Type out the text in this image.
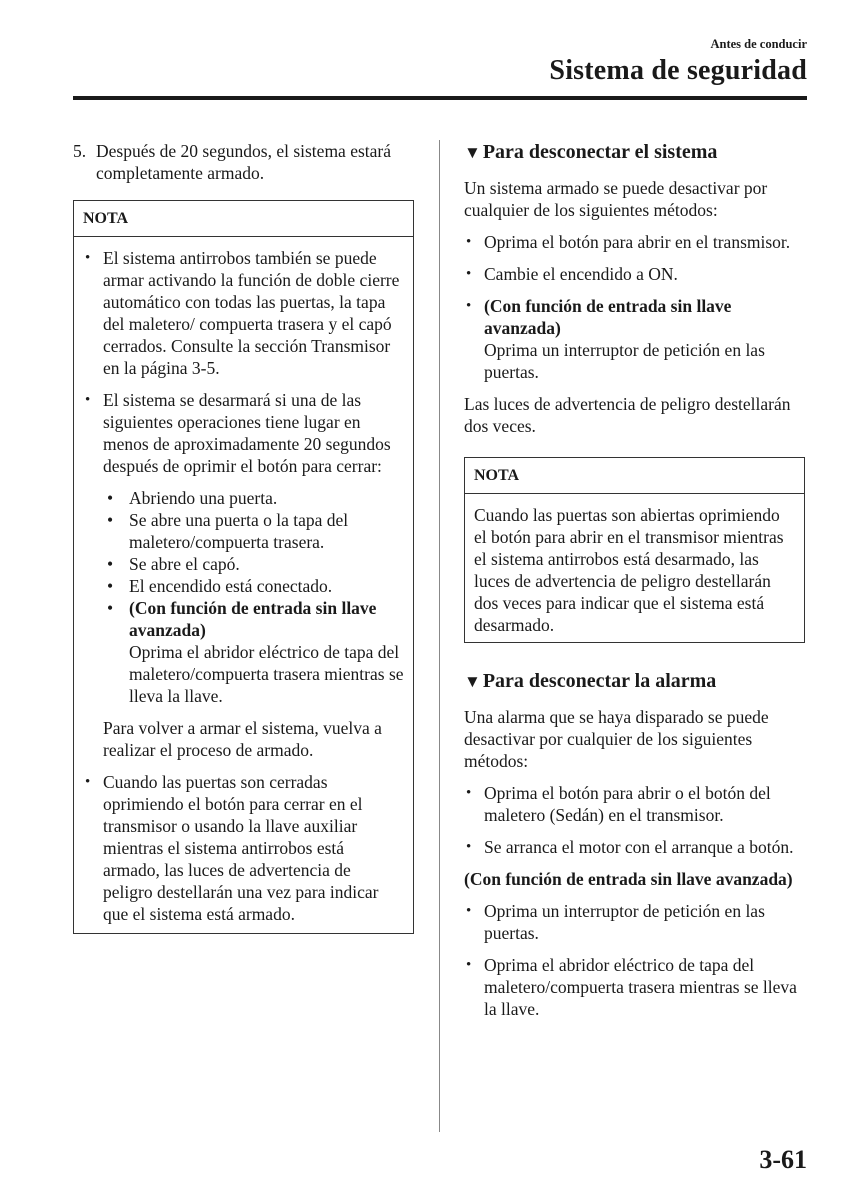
Antes de conducir
Sistema de seguridad
5. Después de 20 segundos, el sistema estará completamente armado.
NOTA
• El sistema antirrobos también se puede armar activando la función de doble cierre automático con todas las puertas, la tapa del maletero/ compuerta trasera y el capó cerrados. Consulte la sección Transmisor en la página 3-5.
• El sistema se desarmará si una de las siguientes operaciones tiene lugar en menos de aproximadamente 20 segundos después de oprimir el botón para cerrar:

• Abriendo una puerta.
• Se abre una puerta o la tapa del maletero/compuerta trasera.
• Se abre el capó.
• El encendido está conectado.
• (Con función de entrada sin llave avanzada)
Oprima el abridor eléctrico de tapa del maletero/compuerta trasera mientras se lleva la llave.

Para volver a armar el sistema, vuelva a realizar el proceso de armado.

• Cuando las puertas son cerradas oprimiendo el botón para cerrar en el transmisor o usando la llave auxiliar mientras el sistema antirrobos está armado, las luces de advertencia de peligro destellarán una vez para indicar que el sistema está armado.
▼ Para desconectar el sistema

Un sistema armado se puede desactivar por cualquier de los siguientes métodos:

• Oprima el botón para abrir en el transmisor.
• Cambie el encendido a ON.
• (Con función de entrada sin llave avanzada)
Oprima un interruptor de petición en las puertas.

Las luces de advertencia de peligro destellarán dos veces.

NOTA
Cuando las puertas son abiertas oprimiendo el botón para abrir en el transmisor mientras el sistema antirrobos está desarmado, las luces de advertencia de peligro destellarán dos veces para indicar que el sistema está desarmado.
▼ Para desconectar la alarma

Una alarma que se haya disparado se puede desactivar por cualquier de los siguientes métodos:

• Oprima el botón para abrir o el botón del maletero (Sedán) en el transmisor.
• Se arranca el motor con el arranque a botón.

(Con función de entrada sin llave avanzada)

• Oprima un interruptor de petición en las puertas.
• Oprima el abridor eléctrico de tapa del maletero/compuerta trasera mientras se lleva la llave.
3-61
